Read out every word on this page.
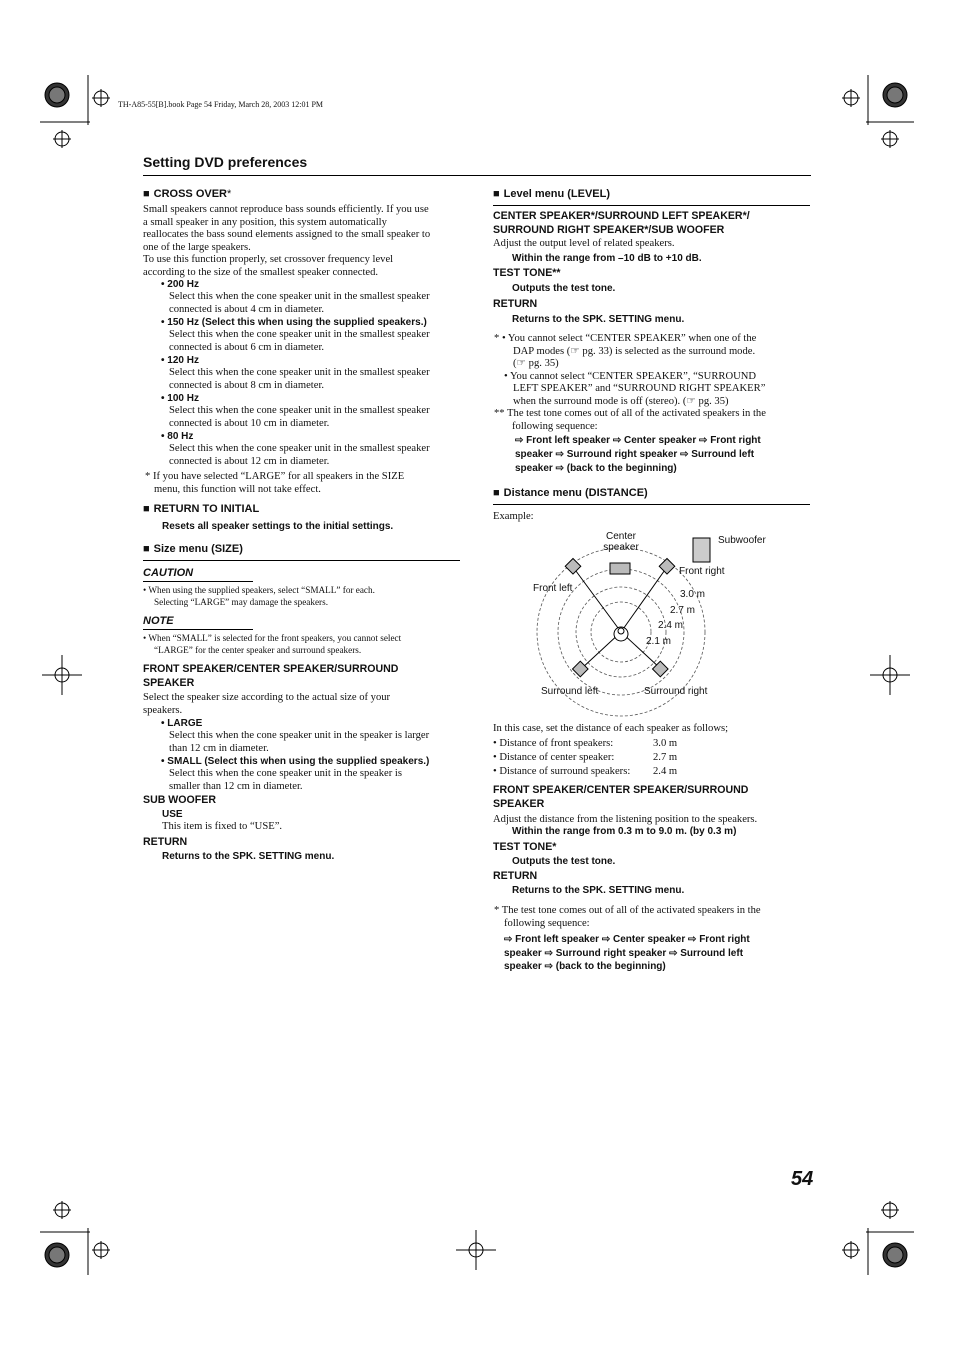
TH-A85-55[B].book Page 54 Friday, March 28, 2003 12:01 PM
Setting DVD preferences
■ CROSS OVER*
Small speakers cannot reproduce bass sounds efficiently. If you use
a small speaker in any position, this system automatically
reallocates the bass sound elements assigned to the small speaker to
one of the large speakers.
To use this function properly, set crossover frequency level
according to the size of the smallest speaker connected.
• 200 Hz
Select this when the cone speaker unit in the smallest speaker
connected is about 4 cm in diameter.
• 150 Hz (Select this when using the supplied speakers.)
Select this when the cone speaker unit in the smallest speaker
connected is about 6 cm in diameter.
• 120 Hz
Select this when the cone speaker unit in the smallest speaker
connected is about 8 cm in diameter.
• 100 Hz
Select this when the cone speaker unit in the smallest speaker
connected is about 10 cm in diameter.
• 80 Hz
Select this when the cone speaker unit in the smallest speaker
connected is about 12 cm in diameter.
* If you have selected “LARGE” for all speakers in the SIZE
menu, this function will not take effect.
■ RETURN TO INITIAL
Resets all speaker settings to the initial settings.
■ Size menu (SIZE)
CAUTION
• When using the supplied speakers, select “SMALL” for each.
Selecting “LARGE” may damage the speakers.
NOTE
• When “SMALL” is selected for the front speakers, you cannot select
“LARGE” for the center speaker and surround speakers.
FRONT SPEAKER/CENTER SPEAKER/SURROUND
SPEAKER
Select the speaker size according to the actual size of your
speakers.
• LARGE
Select this when the cone speaker unit in the speaker is larger
than 12 cm in diameter.
• SMALL (Select this when using the supplied speakers.)
Select this when the cone speaker unit in the speaker is
smaller than 12 cm in diameter.
SUB WOOFER
USE
This item is fixed to “USE”.
RETURN
Returns to the SPK. SETTING menu.
■ Level menu (LEVEL)
CENTER SPEAKER*/SURROUND LEFT SPEAKER*/
SURROUND RIGHT SPEAKER*/SUB WOOFER
Adjust the output level of related speakers.
Within the range from –10 dB to +10 dB.
TEST TONE**
Outputs the test tone.
RETURN
Returns to the SPK. SETTING menu.
* • You cannot select “CENTER SPEAKER” when one of the
DAP modes (☞ pg. 33) is selected as the surround mode.
(☞ pg. 35)
• You cannot select “CENTER SPEAKER”, “SURROUND
LEFT SPEAKER” and “SURROUND RIGHT SPEAKER”
when the surround mode is off (stereo). (☞ pg. 35)
** The test tone comes out of all of the activated speakers in the
following sequence:
⇨ Front left speaker ⇨ Center speaker ⇨ Front right
speaker ⇨ Surround right speaker ⇨ Surround left
speaker ⇨ (back to the beginning)
■ Distance menu (DISTANCE)
Example:
Center
speaker
Subwoofer
Front left
Front right
3.0 m
2.7 m
2.4 m
2.1 m
Surround left	Surround right
In this case, set the distance of each speaker as follows;
• Distance of front speakers:	3.0 m
• Distance of center speaker:	2.7 m
• Distance of surround speakers: 2.4 m
FRONT SPEAKER/CENTER SPEAKER/SURROUND
SPEAKER
Adjust the distance from the listening position to the speakers.
Within the range from 0.3 m to 9.0 m. (by 0.3 m)
TEST TONE*
Outputs the test tone.
RETURN
Returns to the SPK. SETTING menu.
* The test tone comes out of all of the activated speakers in the
following sequence:
⇨ Front left speaker ⇨ Center speaker ⇨ Front right
speaker ⇨ Surround right speaker ⇨ Surround left
speaker ⇨ (back to the beginning)
54
